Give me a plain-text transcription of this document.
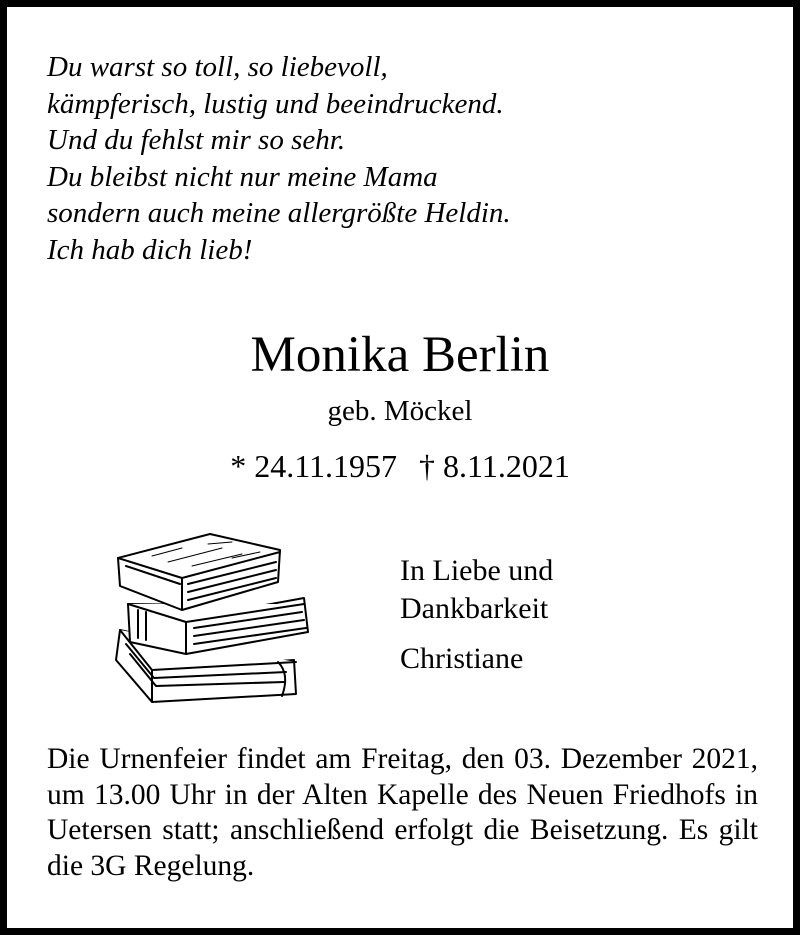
Du warst so toll, so liebevoll,
kämpferisch, lustig und beeindruckend.
Und du fehlst mir so sehr.
Du bleibst nicht nur meine Mama
sondern auch meine allergrößte Heldin.
Ich hab dich lieb!
Monika Berlin
geb. Möckel
* 24.11.1957 † 8.11.2021
In Liebe und
Dankbarkeit
Christiane
Die Urnenfeier findet am Freitag, den 03. Dezember 2021, um 13.00 Uhr in der Alten Kapelle des Neuen Friedhofs in Uetersen statt; anschließend erfolgt die Beisetzung. Es gilt die 3G Regelung.
